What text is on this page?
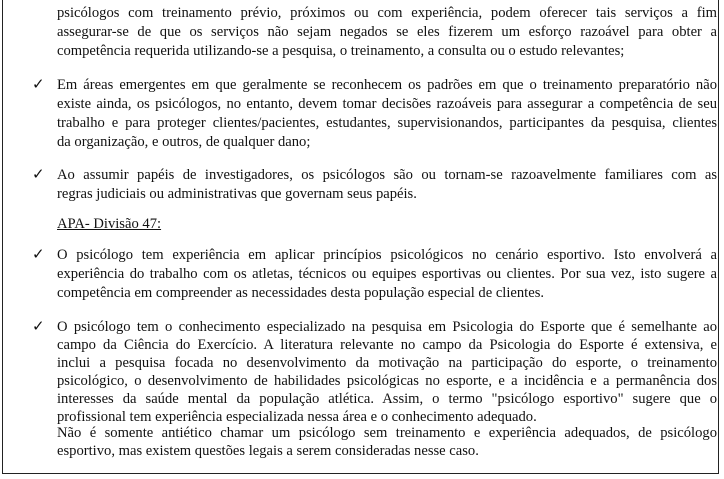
psicólogos com treinamento prévio, próximos ou com experiência, podem oferecer tais serviços a fim
assegurar-se de que os serviços não sejam negados se eles fizerem um esforço razoável para obter a
competência requerida utilizando-se a pesquisa, o treinamento, a consulta ou o estudo relevantes;
✓ Em áreas emergentes em que geralmente se reconhecem os padrões em que o treinamento preparatório não
existe ainda, os psicólogos, no entanto, devem tomar decisões razoáveis para assegurar a competência de seu
trabalho e para proteger clientes/pacientes, estudantes, supervisionandos, participantes da pesquisa, clientes
da organização, e outros, de qualquer dano;
✓ Ao assumir papéis de investigadores, os psicólogos são ou tornam-se razoavelmente familiares com as
regras judiciais ou administrativas que governam seus papéis.
APA- Divisão 47:
✓ O psicólogo tem experiência em aplicar princípios psicológicos no cenário esportivo. Isto envolverá a
experiência do trabalho com os atletas, técnicos ou equipes esportivas ou clientes. Por sua vez, isto sugere a
competência em compreender as necessidades desta população especial de clientes.
✓ O psicólogo tem o conhecimento especializado na pesquisa em Psicologia do Esporte que é semelhante ao
campo da Ciência do Exercício. A literatura relevante no campo da Psicologia do Esporte é extensiva, e
inclui a pesquisa focada no desenvolvimento da motivação na participação do esporte, o treinamento
psicológico, o desenvolvimento de habilidades psicológicas no esporte, e a incidência e a permanência dos
interesses da saúde mental da população atlética. Assim, o termo "psicólogo esportivo" sugere que o
profissional tem experiência especializada nessa área e o conhecimento adequado.
Não é somente antiético chamar um psicólogo sem treinamento e experiência adequados, de psicólogo
esportivo, mas existem questões legais a serem consideradas nesse caso.
